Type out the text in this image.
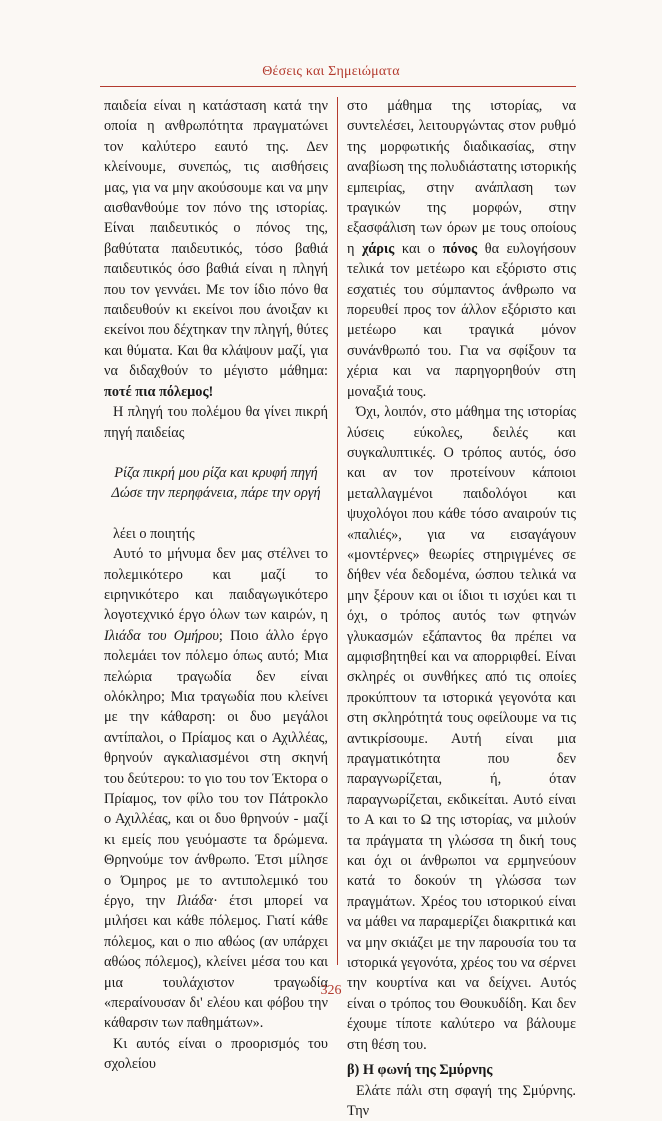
Θέσεις και Σημειώματα

παιδεία είναι η κατάσταση κατά την οποία η ανθρωπότητα πραγματώνει τον καλύτερο εαυτό της. Δεν κλείνουμε, συνεπώς, τις αισθήσεις μας, για να μην ακούσουμε και να μην αισθανθούμε τον πόνο της ιστορίας. Είναι παιδευτικός ο πόνος της, βαθύτατα παιδευτικός, τόσο βαθιά παιδευτικός όσο βαθιά είναι η πληγή που τον γεννάει. Με τον ίδιο πόνο θα παιδευθούν κι εκείνοι που άνοιξαν κι εκείνοι που δέχτηκαν την πληγή, θύτες και θύματα. Και θα κλάψουν μαζί, για να διδαχθούν το μέγιστο μάθημα: ποτέ πια πόλεμος!

Η πληγή του πολέμου θα γίνει πικρή πηγή παιδείας

Ρίζα πικρή μου ρίζα και κρυφή πηγή
Δώσε την περηφάνεια, πάρε την οργή

λέει ο ποιητής

Αυτό το μήνυμα δεν μας στέλνει το πολεμικότερο και μαζί το ειρηνικότερο και παιδαγωγικότερο λογοτεχνικό έργο όλων των καιρών, η Ιλιάδα του Ομήρου; Ποιο άλλο έργο πολεμάει τον πόλεμο όπως αυτό; Μια πελώρια τραγωδία δεν είναι ολόκληρο; Μια τραγωδία που κλείνει με την κάθαρση: οι δυο μεγάλοι αντίπαλοι, ο Πρίαμος και ο Αχιλλέας, θρηνούν αγκαλιασμένοι στη σκηνή του δεύτερου: το γιο του τον Έκτορα ο Πρίαμος, τον φίλο του τον Πάτροκλο ο Αχιλλέας, και οι δυο θρηνούν - μαζί κι εμείς που γευόμαστε τα δρώμενα. Θρηνούμε τον άνθρωπο. Έτσι μίλησε ο Όμηρος με το αντιπολεμικό του έργο, την Ιλιάδα· έτσι μπορεί να μιλήσει και κάθε πόλεμος. Γιατί κάθε πόλεμος, και ο πιο αθώος (αν υπάρχει αθώος πόλεμος), κλείνει μέσα του και μια τουλάχιστον τραγωδία «περαίνουσαν δι' ελέου και φόβου την κάθαρσιν των παθημάτων».

Κι αυτός είναι ο προορισμός του σχολείου

στο μάθημα της ιστορίας, να συντελέσει, λειτουργώντας στον ρυθμό της μορφωτικής διαδικασίας, στην αναβίωση της πολυδιάστατης ιστορικής εμπειρίας, στην ανάπλαση των τραγικών της μορφών, στην εξασφάλιση των όρων με τους οποίους η χάρις και ο πόνος θα ευλογήσουν τελικά τον μετέωρο και εξόριστο στις εσχατιές του σύμπαντος άνθρωπο να πορευθεί προς τον άλλον εξόριστο και μετέωρο και τραγικά μόνον συνάνθρωπό του. Για να σφίξουν τα χέρια και να παρηγορηθούν στη μοναξιά τους.

Όχι, λοιπόν, στο μάθημα της ιστορίας λύσεις εύκολες, δειλές και συγκαλυπτικές. Ο τρόπος αυτός, όσο και αν τον προτείνουν κάποιοι μεταλλαγμένοι παιδολόγοι και ψυχολόγοι που κάθε τόσο αναιρούν τις «παλιές», για να εισαγάγουν «μοντέρνες» θεωρίες στηριγμένες σε δήθεν νέα δεδομένα, ώσπου τελικά να μην ξέρουν και οι ίδιοι τι ισχύει και τι όχι, ο τρόπος αυτός των φτηνών γλυκασμών εξάπαντος θα πρέπει να αμφισβητηθεί και να απορριφθεί. Είναι σκληρές οι συνθήκες από τις οποίες προκύπτουν τα ιστορικά γεγονότα και στη σκληρότητά τους οφείλουμε να τις αντικρίσουμε. Αυτή είναι μια πραγματικότητα που δεν παραγνωρίζεται, ή, όταν παραγνωρίζεται, εκδικείται. Αυτό είναι το Α και το Ω της ιστορίας, να μιλούν τα πράγματα τη γλώσσα τη δική τους και όχι οι άνθρωποι να ερμηνεύουν κατά το δοκούν τη γλώσσα των πραγμάτων. Χρέος του ιστορικού είναι να μάθει να παραμερίζει διακριτικά και να μην σκιάζει με την παρουσία του τα ιστορικά γεγονότα, χρέος του να σέρνει την κουρτίνα και να δείχνει. Αυτός είναι ο τρόπος του Θουκυδίδη. Και δεν έχουμε τίποτε καλύτερο να βάλουμε στη θέση του.

β) Η φωνή της Σμύρνης

Ελάτε πάλι στη σφαγή της Σμύρνης. Την

326
